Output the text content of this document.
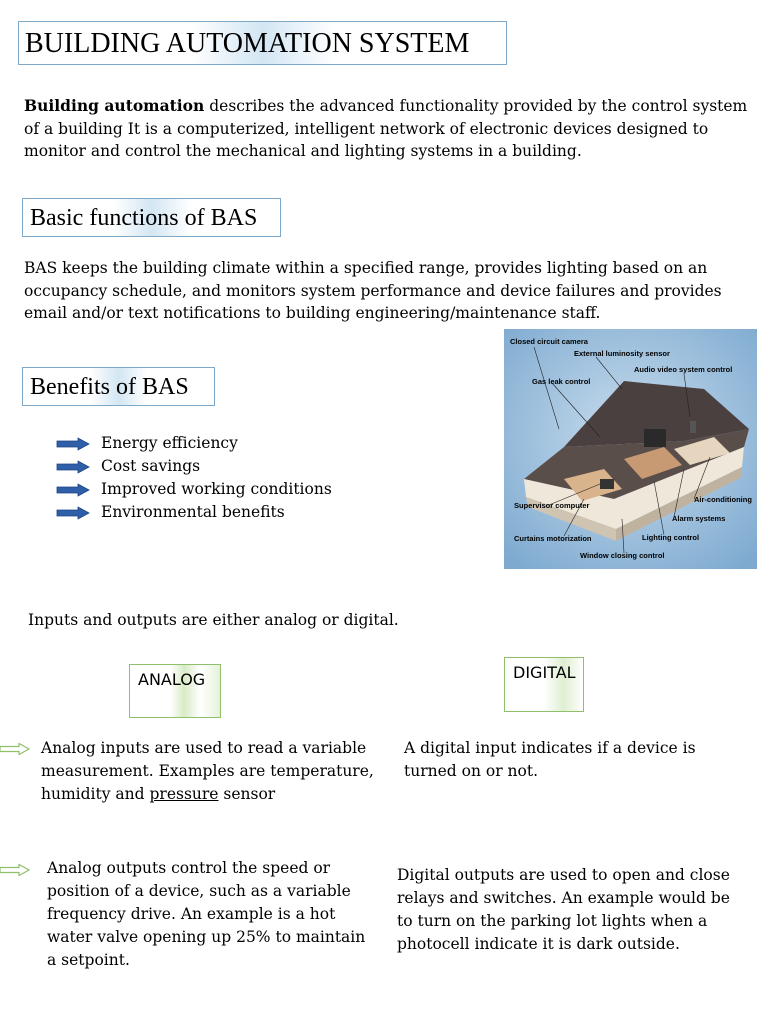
BUILDING AUTOMATION SYSTEM
Building automation describes the advanced functionality provided by the control system of a building It is a computerized, intelligent network of electronic devices designed to monitor and control the mechanical and lighting systems in a building.
Basic functions of BAS
BAS keeps the building climate within a specified range, provides lighting based on an occupancy schedule, and monitors system performance and device failures and provides email and/or text notifications to building engineering/maintenance staff.
Benefits of BAS
Energy efficiency
Cost savings
Improved working conditions
Environmental benefits
Closed circuit camera
External luminosity sensor
Audio video system control
Gas leak control
Supervisor computer
Air-conditioning
Alarm systems
Curtains motorization	Lighting control
Window closing control
Inputs and outputs are either analog or digital.
ANALOG	DIGITAL
Analog inputs are used to read a variable measurement. Examples are temperature, humidity and pressure sensor
Analog outputs control the speed or position of a device, such as a variable frequency drive. An example is a hot water valve opening up 25% to maintain a setpoint.
A digital input indicates if a device is turned on or not.
Digital outputs are used to open and close relays and switches. An example would be to turn on the parking lot lights when a photocell indicate it is dark outside.
